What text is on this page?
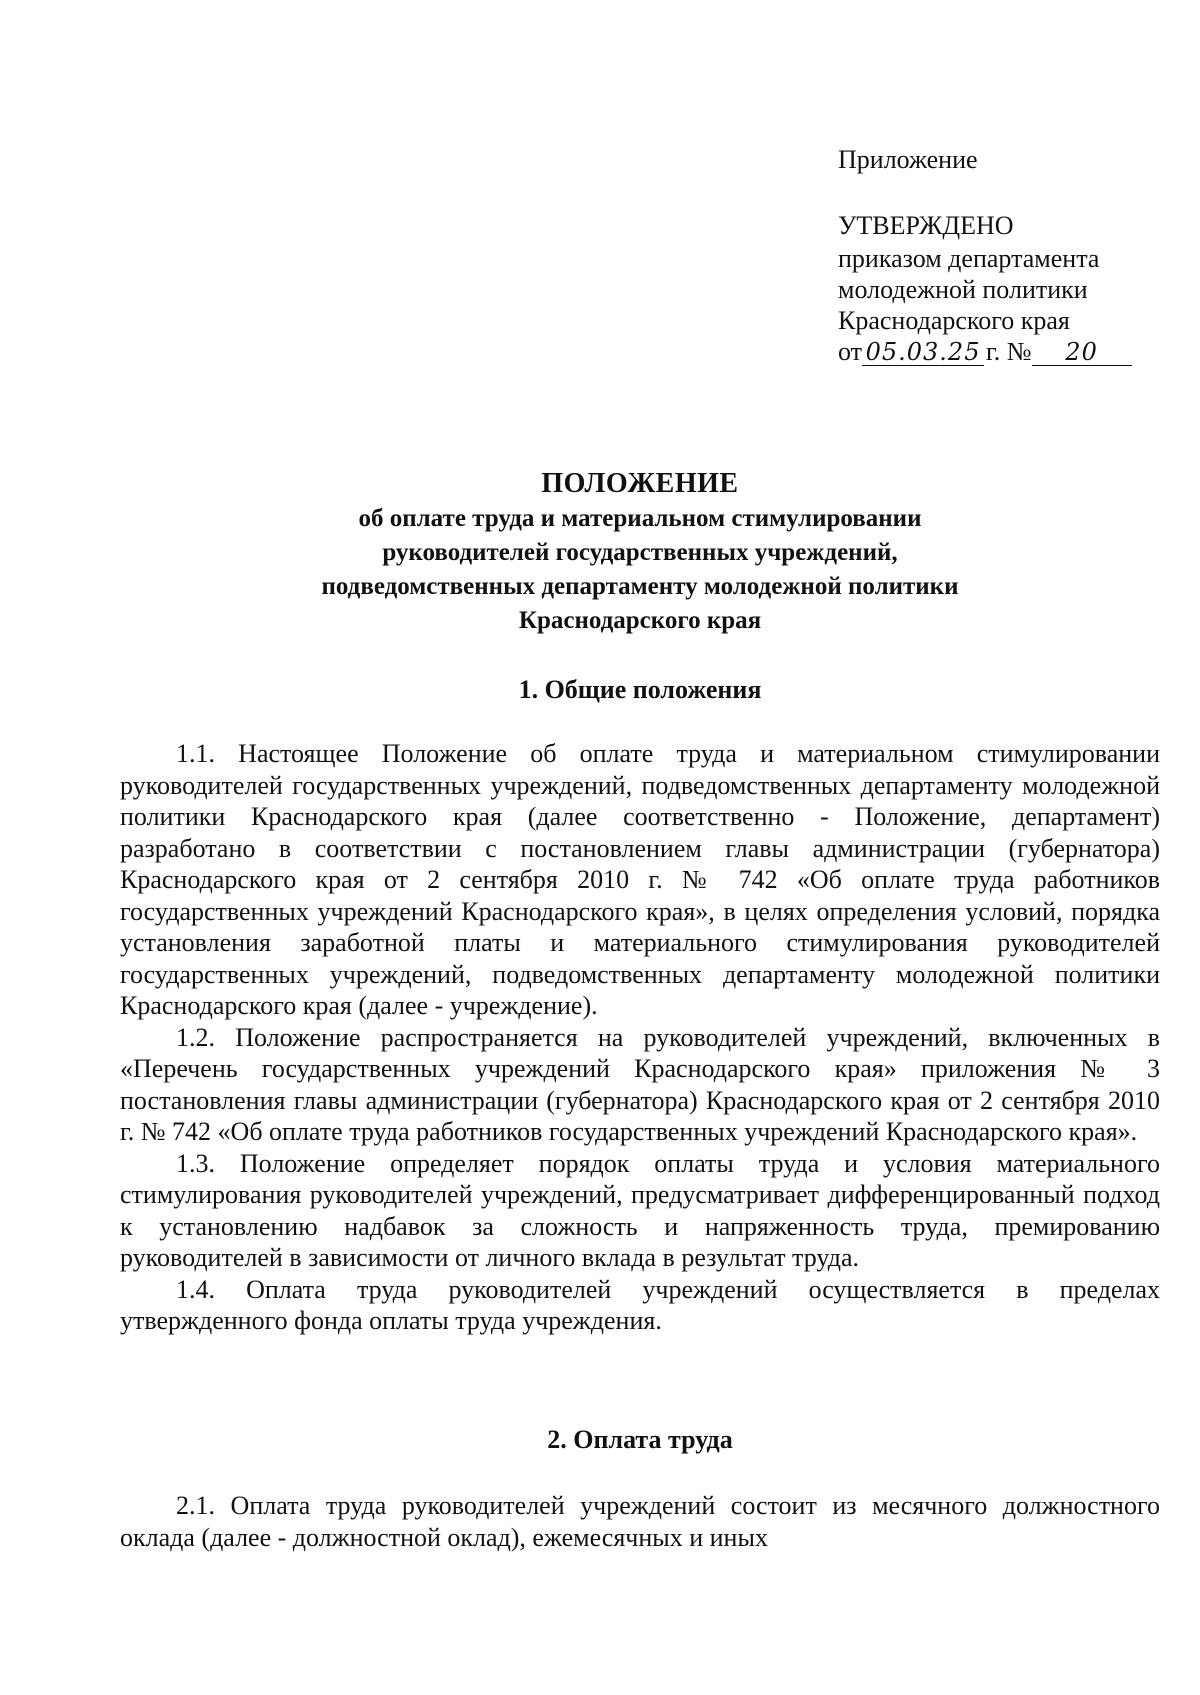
Приложение
УТВЕРЖДЕНО
приказом департамента
молодежной политики
Краснодарского края
от 05.03.25 г. №	20
ПОЛОЖЕНИЕ
об оплате труда и материальном стимулировании
руководителей государственных учреждений,
подведомственных департаменту молодежной политики
Краснодарского края
1. Общие положения

1.1. Настоящее Положение об оплате труда и материальном стимулировании руководителей государственных учреждений, подведомственных департаменту молодежной политики Краснодарского края (далее соответственно - Положение, департамент) разработано в соответствии с постановлением главы администрации (губернатора) Краснодарского края от 2 сентября 2010 г. № 742 «Об оплате труда работников государственных учреждений Краснодарского края», в целях определения условий, порядка установления заработной платы и материального стимулирования руководителей государственных учреждений, подведомственных департаменту молодежной политики Краснодарского края (далее - учреждение).

1.2. Положение распространяется на руководителей учреждений, включенных в «Перечень государственных учреждений Краснодарского края» приложения № 3 постановления главы администрации (губернатора) Краснодарского края от 2 сентября 2010 г. № 742 «Об оплате труда работников государственных учреждений Краснодарского края».

1.3. Положение определяет порядок оплаты труда и условия материального стимулирования руководителей учреждений, предусматривает дифференцированный подход к установлению надбавок за сложность и напряженность труда, премированию руководителей в зависимости от личного вклада в результат труда.

1.4. Оплата труда руководителей учреждений осуществляется в пределах утвержденного фонда оплаты труда учреждения.

2. Оплата труда

2.1. Оплата труда руководителей учреждений состоит из месячного должностного оклада (далее - должностной оклад), ежемесячных и иных
